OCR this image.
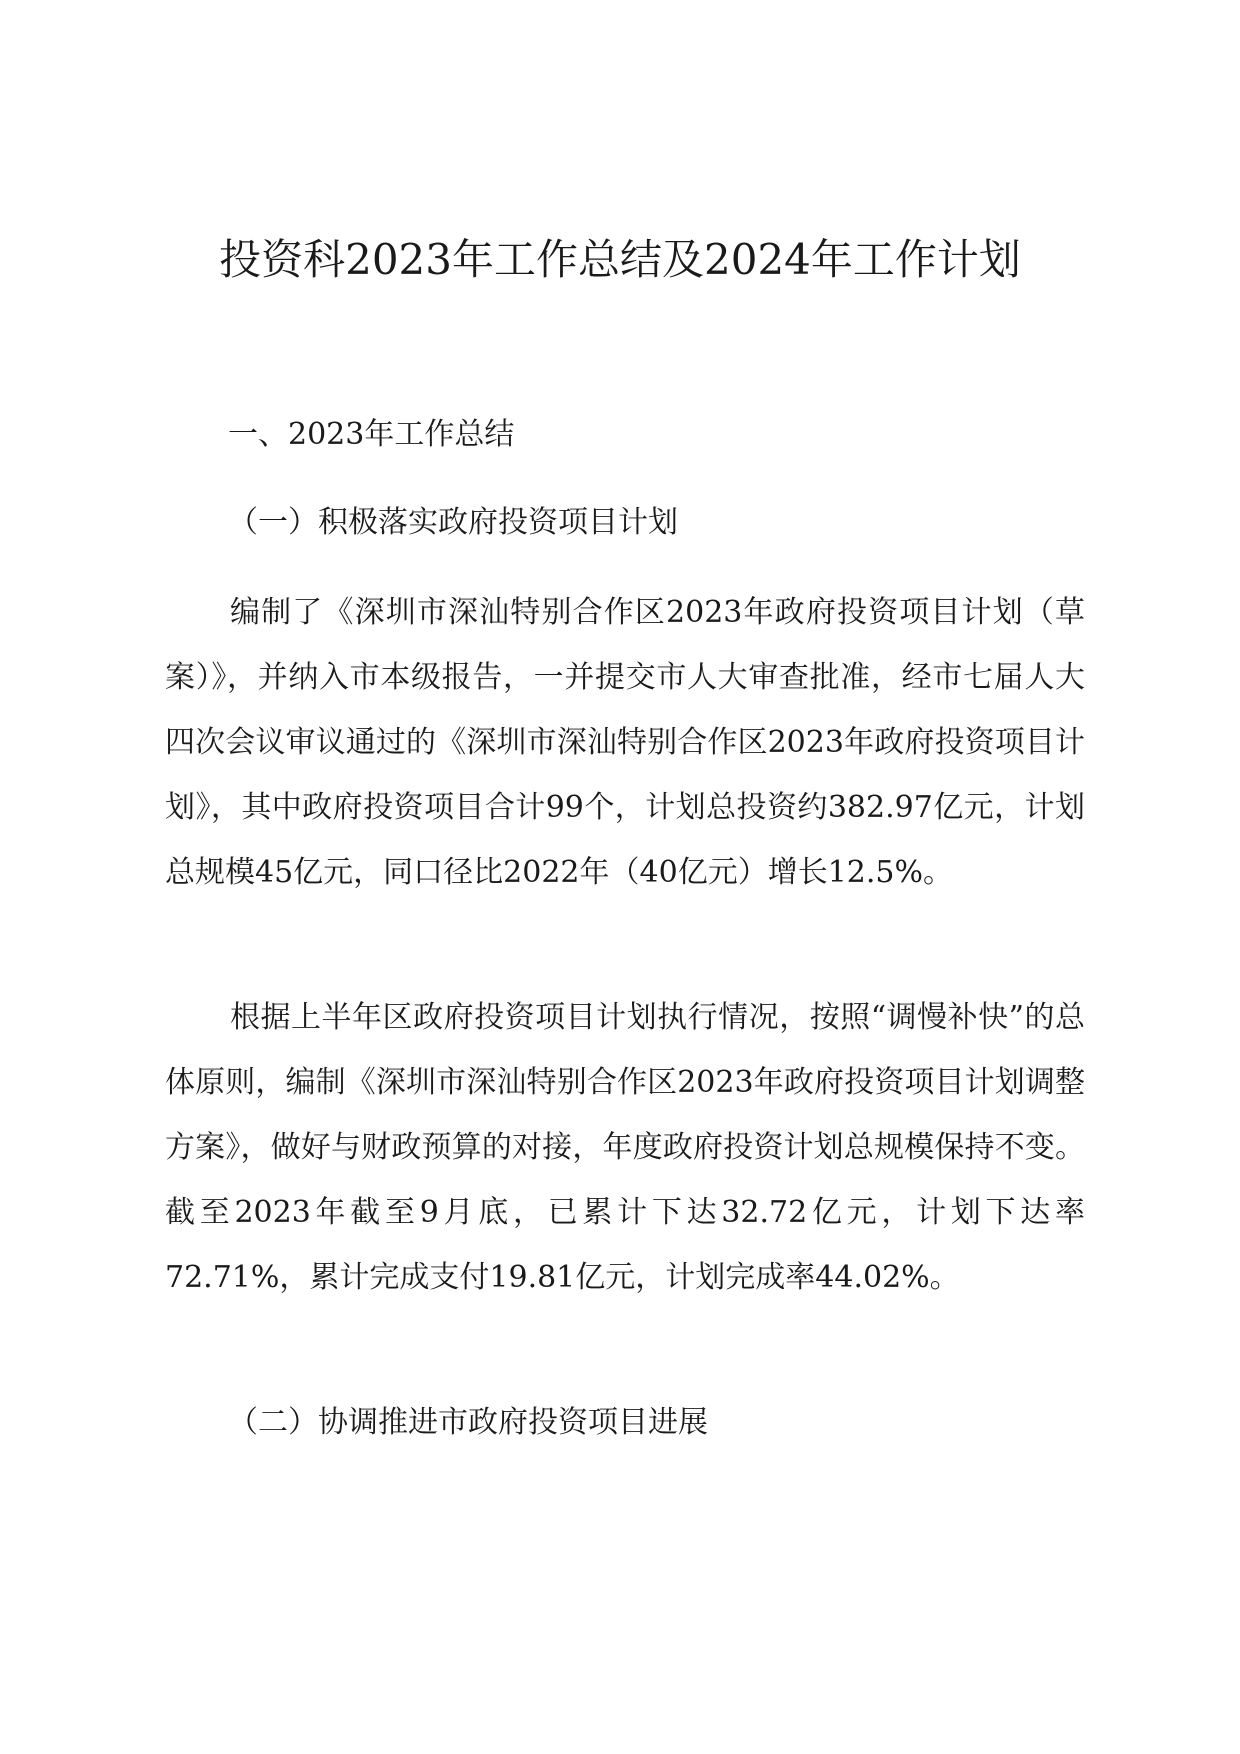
投资科2023年工作总结及2024年工作计划

一、2023年工作总结

（一）积极落实政府投资项目计划

编制了《深圳市深汕特别合作区2023年政府投资项目计划（草案）》，并纳入市本级报告，一并提交市人大审查批准，经市七届人大四次会议审议通过的《深圳市深汕特别合作区2023年政府投资项目计划》，其中政府投资项目合计99个，计划总投资约382.97亿元，计划总规模45亿元，同口径比2022年（40亿元）增长12.5%。

根据上半年区政府投资项目计划执行情况，按照“调慢补快”的总体原则，编制《深圳市深汕特别合作区2023年政府投资项目计划调整方案》，做好与财政预算的对接，年度政府投资计划总规模保持不变。截至2023年截至9月底，已累计下达32.72亿元，计划下达率72.71%，累计完成支付19.81亿元，计划完成率44.02%。

（二）协调推进市政府投资项目进展
